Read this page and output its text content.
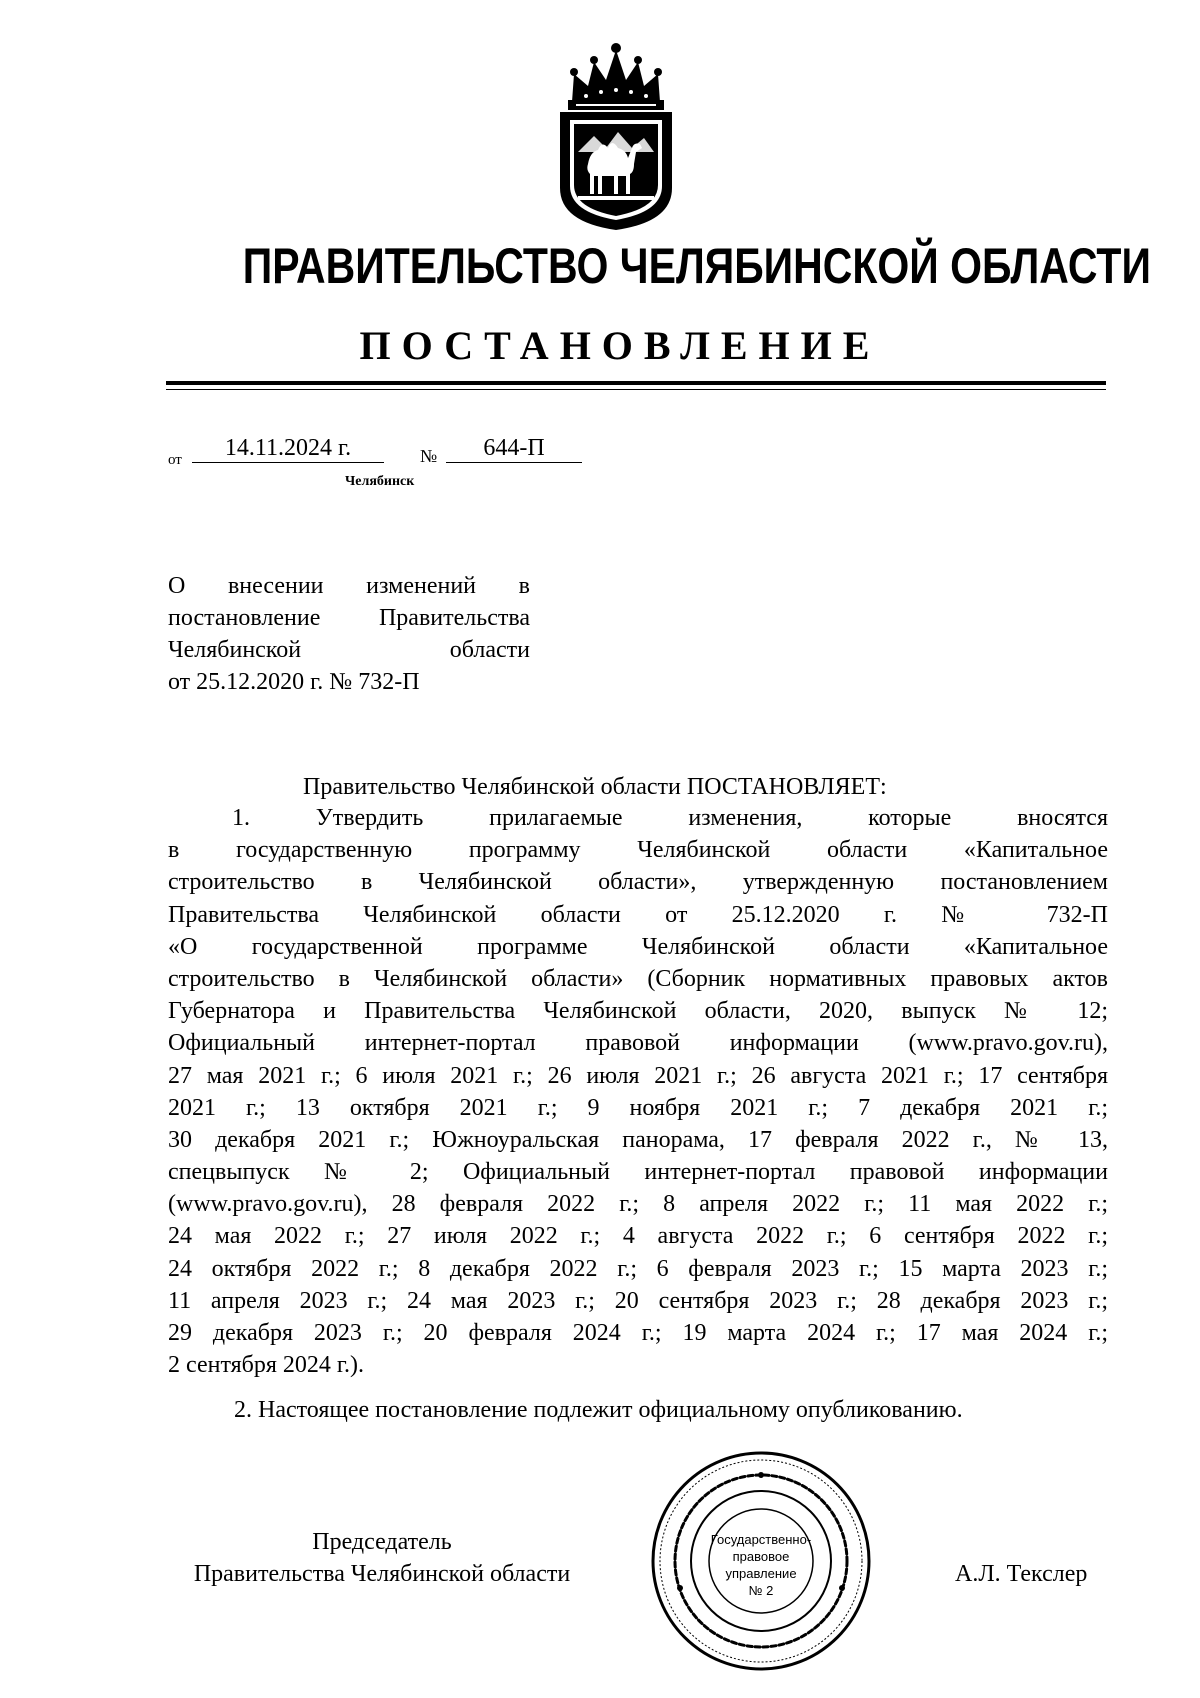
ПРАВИТЕЛЬСТВО ЧЕЛЯБИНСКОЙ ОБЛАСТИ
ПОСТАНОВЛЕНИЕ
от	14.11.2024 г.	№	644-П
Челябинск
О внесении изменений в
постановление Правительства
Челябинской области
от 25.12.2020 г. № 732-П
Правительство Челябинской области ПОСТАНОВЛЯЕТ:
1. Утвердить прилагаемые изменения, которые вносятся
в государственную программу Челябинской области «Капитальное
строительство в Челябинской области», утвержденную постановлением
Правительства Челябинской области от 25.12.2020 г. № 732-П
«О государственной программе Челябинской области «Капитальное
строительство в Челябинской области» (Сборник нормативных правовых актов
Губернатора и Правительства Челябинской области, 2020, выпуск № 12;
Официальный интернет-портал правовой информации (www.pravo.gov.ru),
27 мая 2021 г.; 6 июля 2021 г.; 26 июля 2021 г.; 26 августа 2021 г.; 17 сентября
2021 г.; 13 октября 2021 г.; 9 ноября 2021 г.; 7 декабря 2021 г.;
30 декабря 2021 г.; Южноуральская панорама, 17 февраля 2022 г., № 13,
спецвыпуск № 2; Официальный интернет-портал правовой информации
(www.pravo.gov.ru), 28 февраля 2022 г.; 8 апреля 2022 г.; 11 мая 2022 г.;
24 мая 2022 г.; 27 июля 2022 г.; 4 августа 2022 г.; 6 сентября 2022 г.;
24 октября 2022 г.; 8 декабря 2022 г.; 6 февраля 2023 г.; 15 марта 2023 г.;
11 апреля 2023 г.; 24 мая 2023 г.; 20 сентября 2023 г.; 28 декабря 2023 г.;
29 декабря 2023 г.; 20 февраля 2024 г.; 19 марта 2024 г.; 17 мая 2024 г.;
2 сентября 2024 г.).
2. Настоящее постановление подлежит официальному опубликованию.
Председатель
Правительства Челябинской области	А.Л. Текслер
Государственно-
правовое
управление
№ 2
